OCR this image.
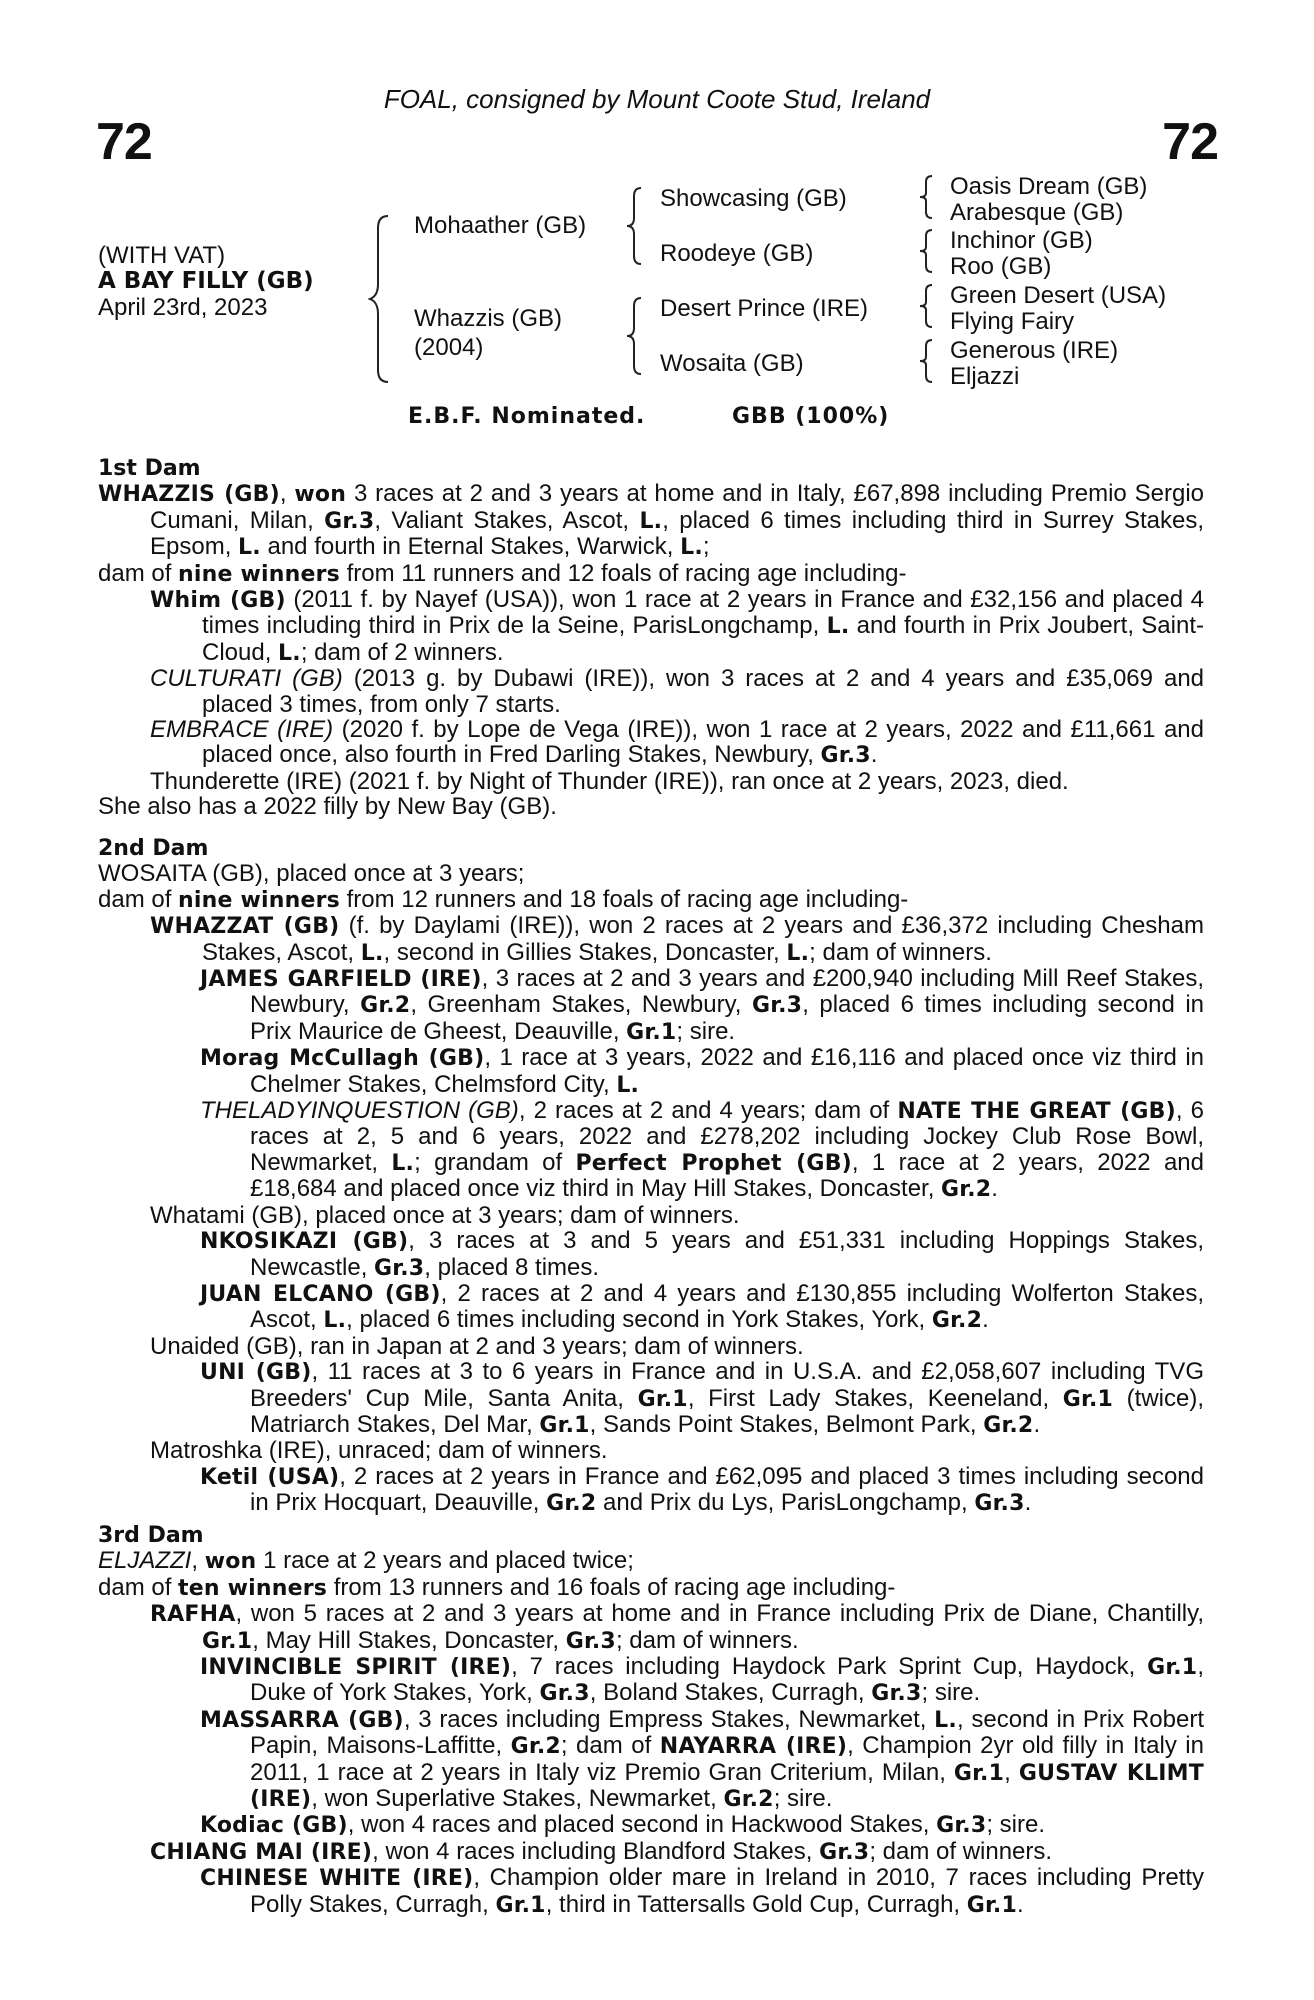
72
FOAL, consigned by Mount Coote Stud, Ireland
72
(WITH VAT)
A BAY FILLY (GB)
April 23rd, 2023
Mohaather (GB)
Whazzis (GB)
(2004)
Showcasing (GB)
Roodeye (GB)
Desert Prince (IRE)
Wosaita (GB)
Oasis Dream (GB)
Arabesque (GB)
Inchinor (GB)
Roo (GB)
Green Desert (USA)
Flying Fairy
Generous (IRE)
Eljazzi
E.B.F. Nominated.	GBB (100%)

1st Dam

WHAZZIS (GB), won 3 races at 2 and 3 years at home and in Italy, £67,898 including Premio Sergio Cumani, Milan, Gr.3, Valiant Stakes, Ascot, L., placed 6 times including third in Surrey Stakes, Epsom, L. and fourth in Eternal Stakes, Warwick, L.;

dam of nine winners from 11 runners and 12 foals of racing age including-

Whim (GB) (2011 f. by Nayef (USA)), won 1 race at 2 years in France and £32,156 and placed 4 times including third in Prix de la Seine, ParisLongchamp, L. and fourth in Prix Joubert, Saint-Cloud, L.; dam of 2 winners.

CULTURATI (GB) (2013 g. by Dubawi (IRE)), won 3 races at 2 and 4 years and £35,069 and placed 3 times, from only 7 starts.

EMBRACE (IRE) (2020 f. by Lope de Vega (IRE)), won 1 race at 2 years, 2022 and £11,661 and placed once, also fourth in Fred Darling Stakes, Newbury, Gr.3.

Thunderette (IRE) (2021 f. by Night of Thunder (IRE)), ran once at 2 years, 2023, died.

She also has a 2022 filly by New Bay (GB).

2nd Dam

WOSAITA (GB), placed once at 3 years;

dam of nine winners from 12 runners and 18 foals of racing age including-

WHAZZAT (GB) (f. by Daylami (IRE)), won 2 races at 2 years and £36,372 including Chesham Stakes, Ascot, L., second in Gillies Stakes, Doncaster, L.; dam of winners.

JAMES GARFIELD (IRE), 3 races at 2 and 3 years and £200,940 including Mill Reef Stakes, Newbury, Gr.2, Greenham Stakes, Newbury, Gr.3, placed 6 times including second in Prix Maurice de Gheest, Deauville, Gr.1; sire.

Morag McCullagh (GB), 1 race at 3 years, 2022 and £16,116 and placed once viz third in Chelmer Stakes, Chelmsford City, L.

THELADYINQUESTION (GB), 2 races at 2 and 4 years; dam of NATE THE GREAT (GB), 6 races at 2, 5 and 6 years, 2022 and £278,202 including Jockey Club Rose Bowl, Newmarket, L.; grandam of Perfect Prophet (GB), 1 race at 2 years, 2022 and £18,684 and placed once viz third in May Hill Stakes, Doncaster, Gr.2.

Whatami (GB), placed once at 3 years; dam of winners.

NKOSIKAZI (GB), 3 races at 3 and 5 years and £51,331 including Hoppings Stakes, Newcastle, Gr.3, placed 8 times.

JUAN ELCANO (GB), 2 races at 2 and 4 years and £130,855 including Wolferton Stakes, Ascot, L., placed 6 times including second in York Stakes, York, Gr.2.

Unaided (GB), ran in Japan at 2 and 3 years; dam of winners.

UNI (GB), 11 races at 3 to 6 years in France and in U.S.A. and £2,058,607 including TVG Breeders' Cup Mile, Santa Anita, Gr.1, First Lady Stakes, Keeneland, Gr.1 (twice), Matriarch Stakes, Del Mar, Gr.1, Sands Point Stakes, Belmont Park, Gr.2.

Matroshka (IRE), unraced; dam of winners.

Ketil (USA), 2 races at 2 years in France and £62,095 and placed 3 times including second in Prix Hocquart, Deauville, Gr.2 and Prix du Lys, ParisLongchamp, Gr.3.

3rd Dam

ELJAZZI, won 1 race at 2 years and placed twice;

dam of ten winners from 13 runners and 16 foals of racing age including-

RAFHA, won 5 races at 2 and 3 years at home and in France including Prix de Diane, Chantilly, Gr.1, May Hill Stakes, Doncaster, Gr.3; dam of winners.

INVINCIBLE SPIRIT (IRE), 7 races including Haydock Park Sprint Cup, Haydock, Gr.1, Duke of York Stakes, York, Gr.3, Boland Stakes, Curragh, Gr.3; sire.

MASSARRA (GB), 3 races including Empress Stakes, Newmarket, L., second in Prix Robert Papin, Maisons-Laffitte, Gr.2; dam of NAYARRA (IRE), Champion 2yr old filly in Italy in 2011, 1 race at 2 years in Italy viz Premio Gran Criterium, Milan, Gr.1, GUSTAV KLIMT (IRE), won Superlative Stakes, Newmarket, Gr.2; sire.

Kodiac (GB), won 4 races and placed second in Hackwood Stakes, Gr.3; sire.

CHIANG MAI (IRE), won 4 races including Blandford Stakes, Gr.3; dam of winners.

CHINESE WHITE (IRE), Champion older mare in Ireland in 2010, 7 races including Pretty Polly Stakes, Curragh, Gr.1, third in Tattersalls Gold Cup, Curragh, Gr.1.
